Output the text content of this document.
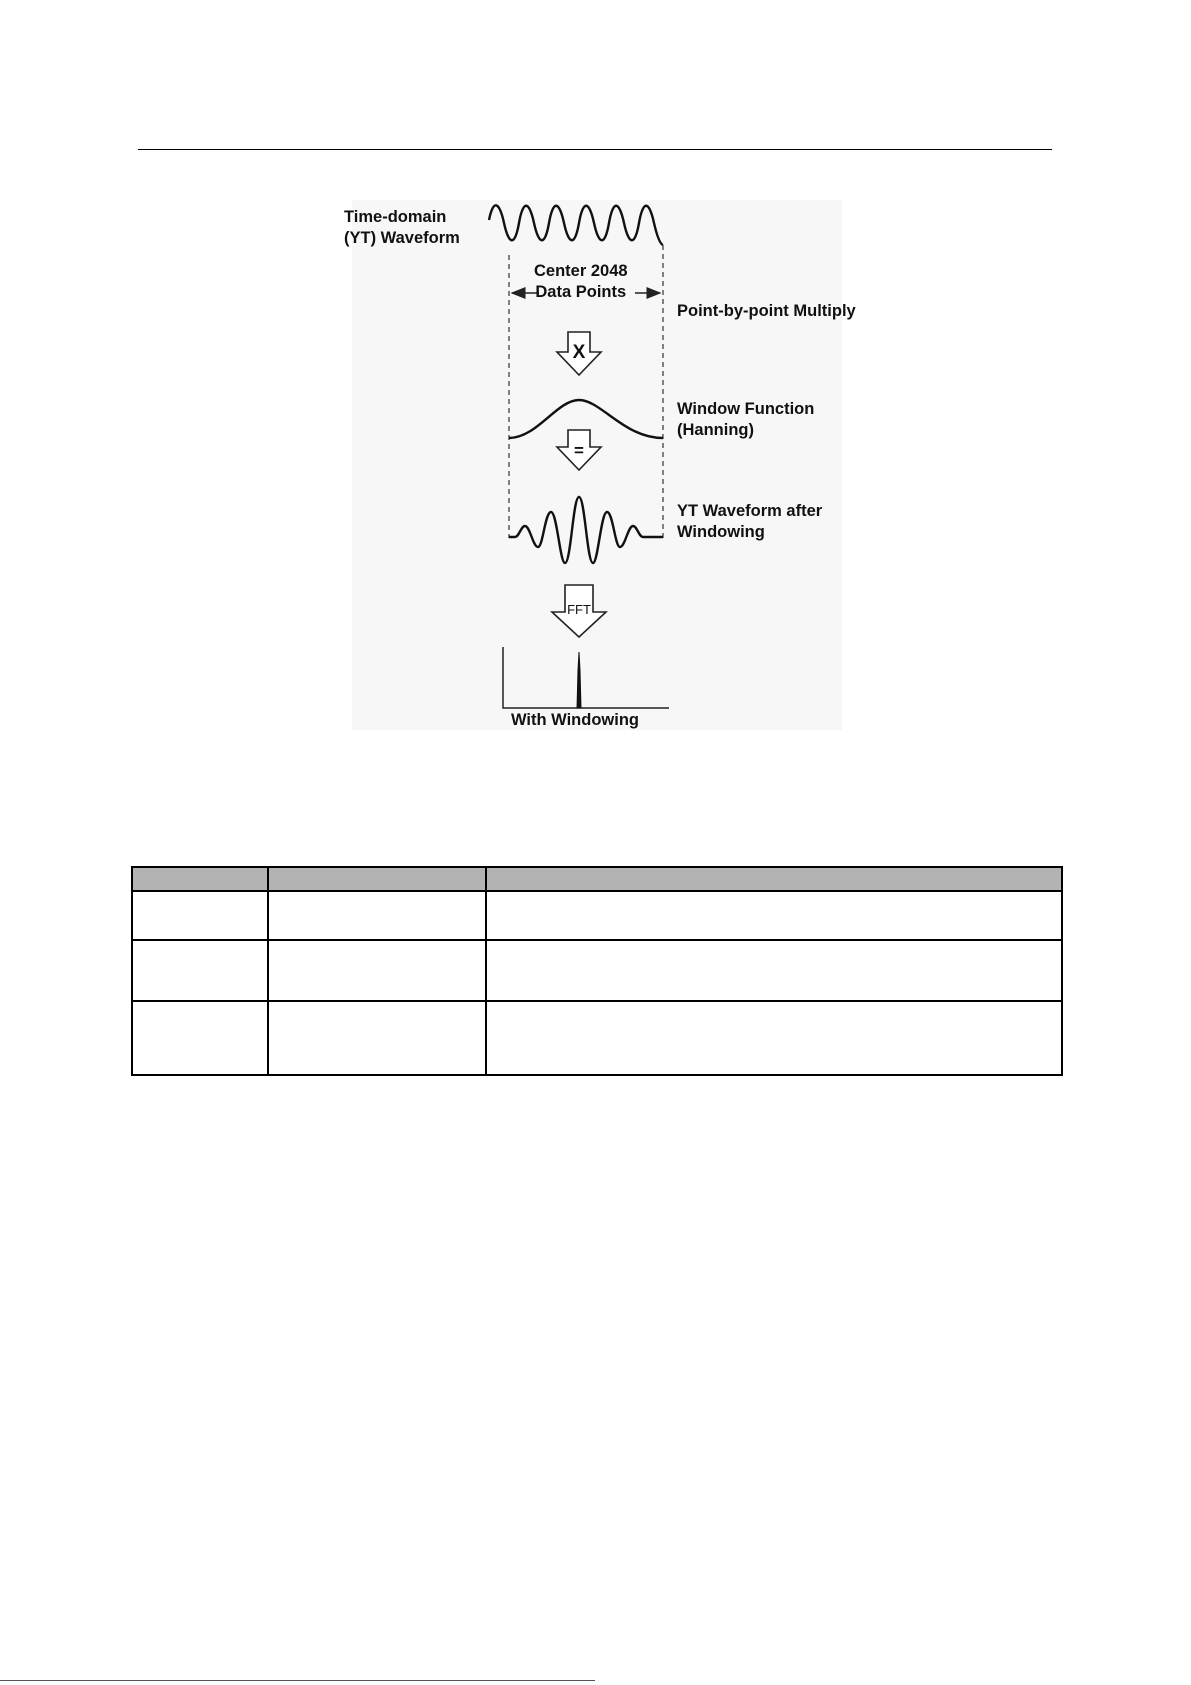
X
=
FFT
Time-domain
(YT) Waveform
Center 2048
Data Points
Point-by-point Multiply
Window Function
(Hanning)
YT Waveform after
Windowing
With Windowing
